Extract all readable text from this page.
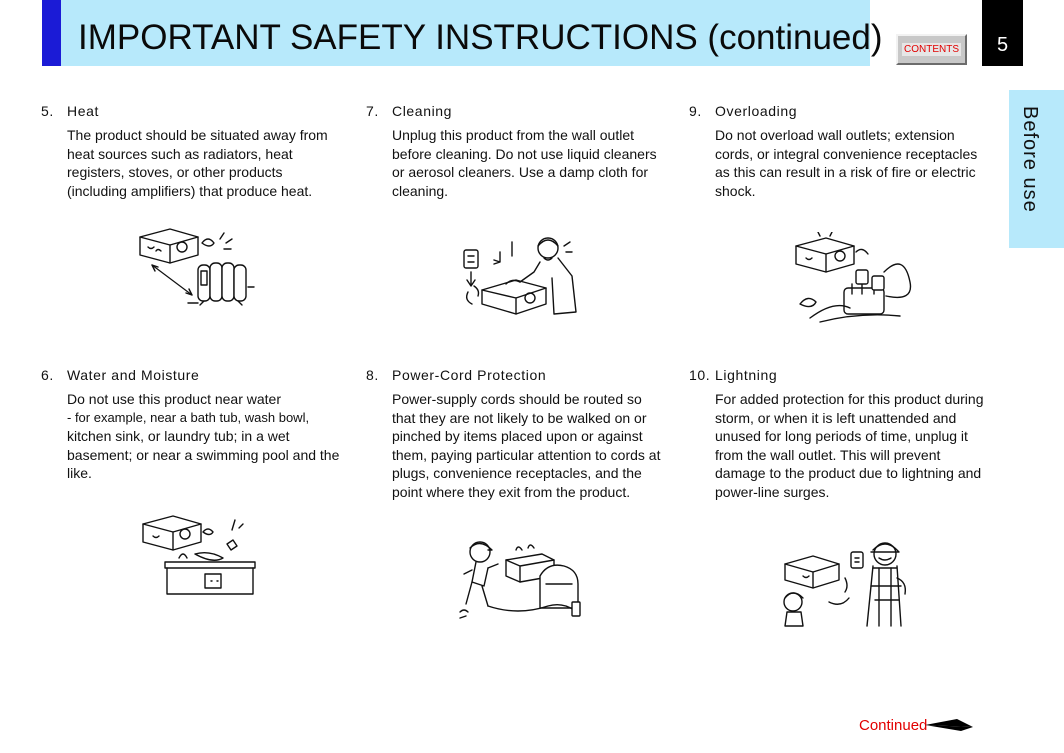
IMPORTANT SAFETY INSTRUCTIONS (continued) CONTENTS	5
Before use
5. Heat
The product should be situated away from heat sources such as radiators, heat registers, stoves, or other products (including amplifiers) that produce heat.
6. Water and Moisture
Do not use this product near water
- for example, near a bath tub, wash bowl,
kitchen sink, or laundry tub; in a wet basement; or near a swimming pool and the like.
7. Cleaning
Unplug this product from the wall outlet before cleaning. Do not use liquid cleaners or aerosol cleaners. Use a damp cloth for cleaning.
8. Power-Cord Protection
Power-supply cords should be routed so that they are not likely to be walked on or pinched by items placed upon or against them, paying particular attention to cords at plugs, convenience receptacles, and the point where they exit from the product.
9. Overloading
Do not overload wall outlets; extension cords, or integral convenience receptacles as this can result in a risk of fire or electric shock.
10. Lightning
For added protection for this product during storm, or when it is left unattended and unused for long periods of time, unplug it from the wall outlet. This will prevent damage to the product due to lightning and power-line surges.
Continued
